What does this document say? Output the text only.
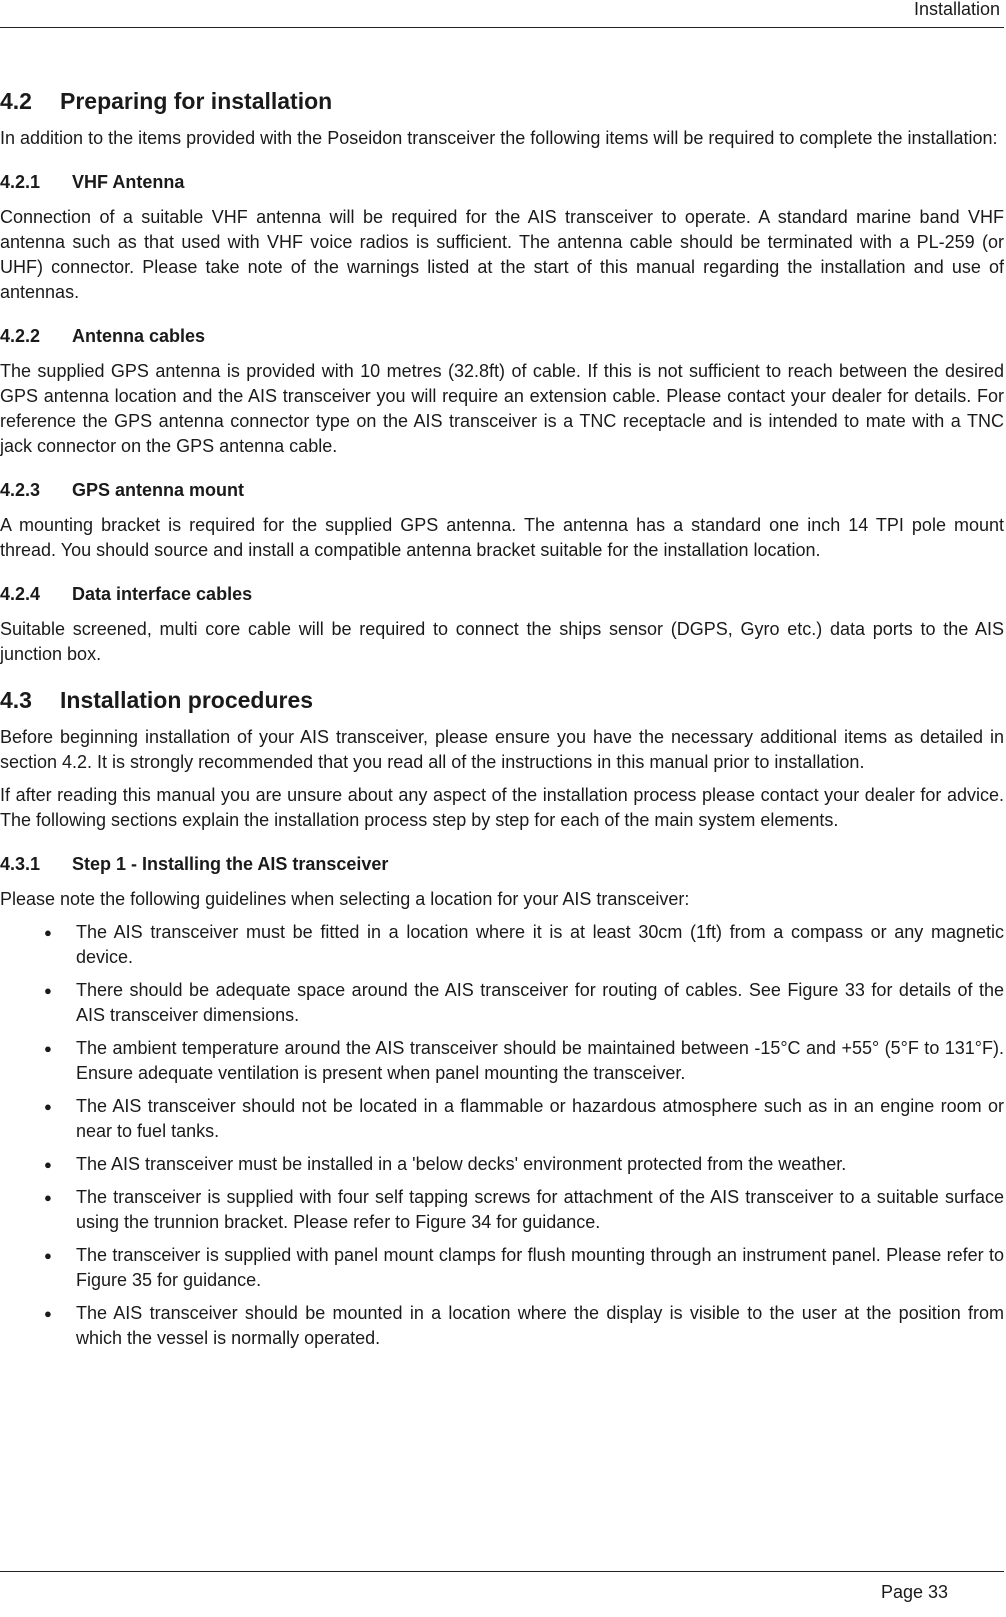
Installation
4.2	Preparing for installation

In addition to the items provided with the Poseidon transceiver the following items will be required to complete the installation:

4.2.1	VHF Antenna

Connection of a suitable VHF antenna will be required for the AIS transceiver to operate. A standard marine band VHF antenna such as that used with VHF voice radios is sufficient. The antenna cable should be terminated with a PL-259 (or UHF) connector. Please take note of the warnings listed at the start of this manual regarding the installation and use of antennas.

4.2.2	Antenna cables

The supplied GPS antenna is provided with 10 metres (32.8ft) of cable. If this is not sufficient to reach between the desired GPS antenna location and the AIS transceiver you will require an extension cable. Please contact your dealer for details. For reference the GPS antenna connector type on the AIS transceiver is a TNC receptacle and is intended to mate with a TNC jack connector on the GPS antenna cable.

4.2.3	GPS antenna mount

A mounting bracket is required for the supplied GPS antenna. The antenna has a standard one inch 14 TPI pole mount thread. You should source and install a compatible antenna bracket suitable for the installation location.

4.2.4	Data interface cables

Suitable screened, multi core cable will be required to connect the ships sensor (DGPS, Gyro etc.) data ports to the AIS junction box.

4.3	Installation procedures

Before beginning installation of your AIS transceiver, please ensure you have the necessary additional items as detailed in section 4.2. It is strongly recommended that you read all of the instructions in this manual prior to installation.

If after reading this manual you are unsure about any aspect of the installation process please contact your dealer for advice. The following sections explain the installation process step by step for each of the main system elements.

4.3.1	Step 1 - Installing the AIS transceiver

Please note the following guidelines when selecting a location for your AIS transceiver:

● The AIS transceiver must be fitted in a location where it is at least 30cm (1ft) from a compass or any magnetic device.
● There should be adequate space around the AIS transceiver for routing of cables. See Figure 33 for details of the AIS transceiver dimensions.
● The ambient temperature around the AIS transceiver should be maintained between -15°C and +55° (5°F to 131°F). Ensure adequate ventilation is present when panel mounting the transceiver.
● The AIS transceiver should not be located in a flammable or hazardous atmosphere such as in an engine room or near to fuel tanks.
● The AIS transceiver must be installed in a 'below decks' environment protected from the weather.
● The transceiver is supplied with four self tapping screws for attachment of the AIS transceiver to a suitable surface using the trunnion bracket. Please refer to Figure 34 for guidance.
● The transceiver is supplied with panel mount clamps for flush mounting through an instrument panel. Please refer to Figure 35 for guidance.
● The AIS transceiver should be mounted in a location where the display is visible to the user at the position from which the vessel is normally operated.
Page 33
